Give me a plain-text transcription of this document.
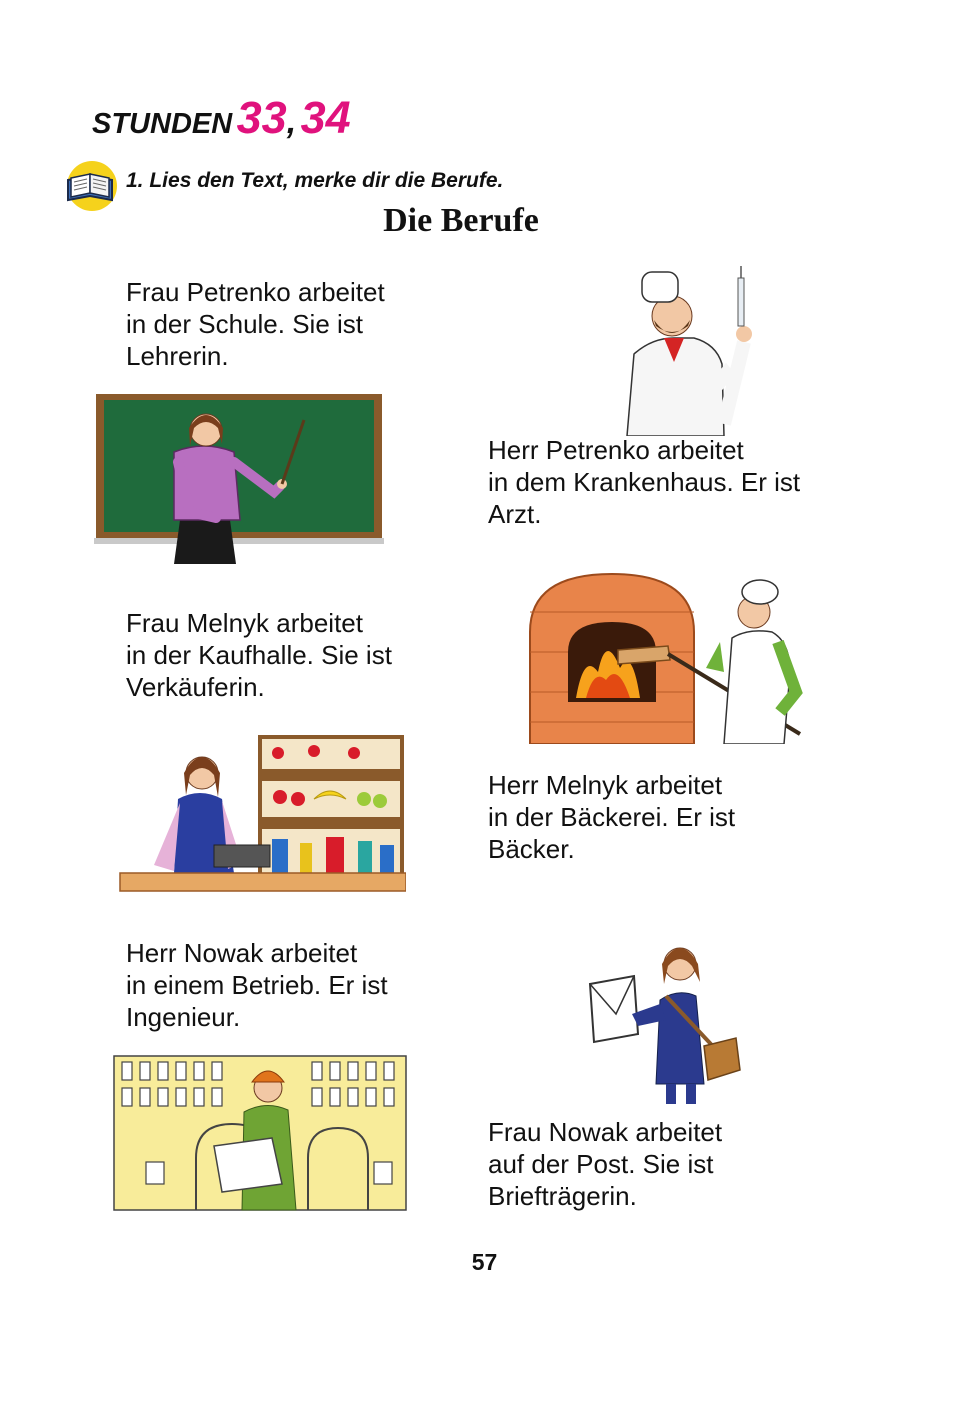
STUNDEN 33, 34
1. Lies den Text, merke dir die Berufe.
Die Berufe
Frau Petrenko arbeitet
in der Schule. Sie ist
Lehrerin.
Herr Petrenko arbeitet
in dem Krankenhaus. Er ist
Arzt.
Frau Melnyk arbeitet
in der Kaufhalle. Sie ist
Verkäuferin.
Herr Melnyk arbeitet
in der Bäckerei. Er ist
Bäcker.
Herr Nowak arbeitet
in einem Betrieb. Er ist
Ingenieur.
Frau Nowak arbeitet
auf der Post. Sie ist
Briefträgerin.
57
